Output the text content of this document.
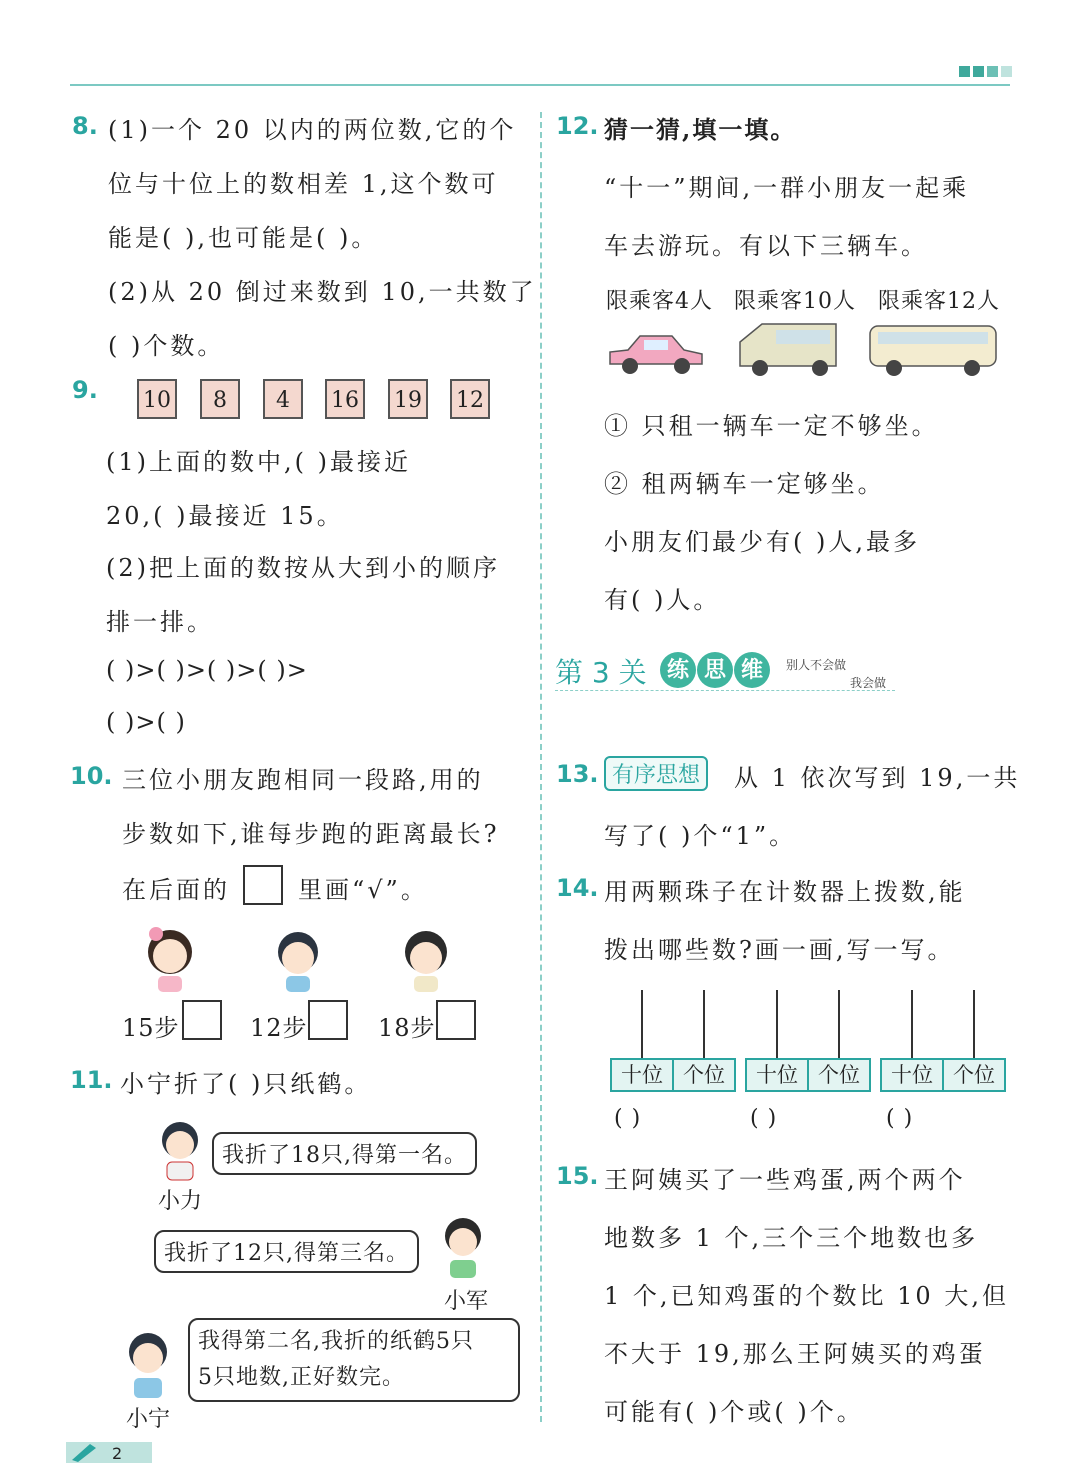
8. (1)一个 20 以内的两位数,它的个
位与十位上的数相差 1,这个数可
能是( ),也可能是( )。
(2)从 20 倒过来数到 10,一共数了
( )个数。
9. 10	8	4	16 19 12
(1)上面的数中,( )最接近
20,( )最接近 15。
(2)把上面的数按从大到小的顺序
排一排。
( )>( )>( )>( )>
( )>( )
10. 三位小朋友跑相同一段路,用的
步数如下,谁每步跑的距离最长?
在后面的	里画“√”。
15步	12步	18步
11. 小宁折了( )只纸鹤。
我折了18只,得第一名。
小力
我折了12只,得第三名。
小军
我得第二名,我折的纸鹤5只
5只地数,正好数完。
小宁
12. 猜一猜,填一填。
“十一”期间,一群小朋友一起乘
车去游玩。有以下三辆车。
限乘客4人 限乘客10人 限乘客12人
① 只租一辆车一定不够坐。
② 租两辆车一定够坐。
小朋友们最少有( )人,最多
有( )人。
第 3 关 练 思 维	别人不会做
我会做
13. 有序思想	从 1 依次写到 19,一共
写了( )个“1”。
14. 用两颗珠子在计数器上拨数,能
拨出哪些数?画一画,写一写。
十位 个位	十位 个位	十位 个位
( )	( )	( )
15. 王阿姨买了一些鸡蛋,两个两个
地数多 1 个,三个三个地数也多
1 个,已知鸡蛋的个数比 10 大,但
不大于 19,那么王阿姨买的鸡蛋
可能有( )个或( )个。
2
